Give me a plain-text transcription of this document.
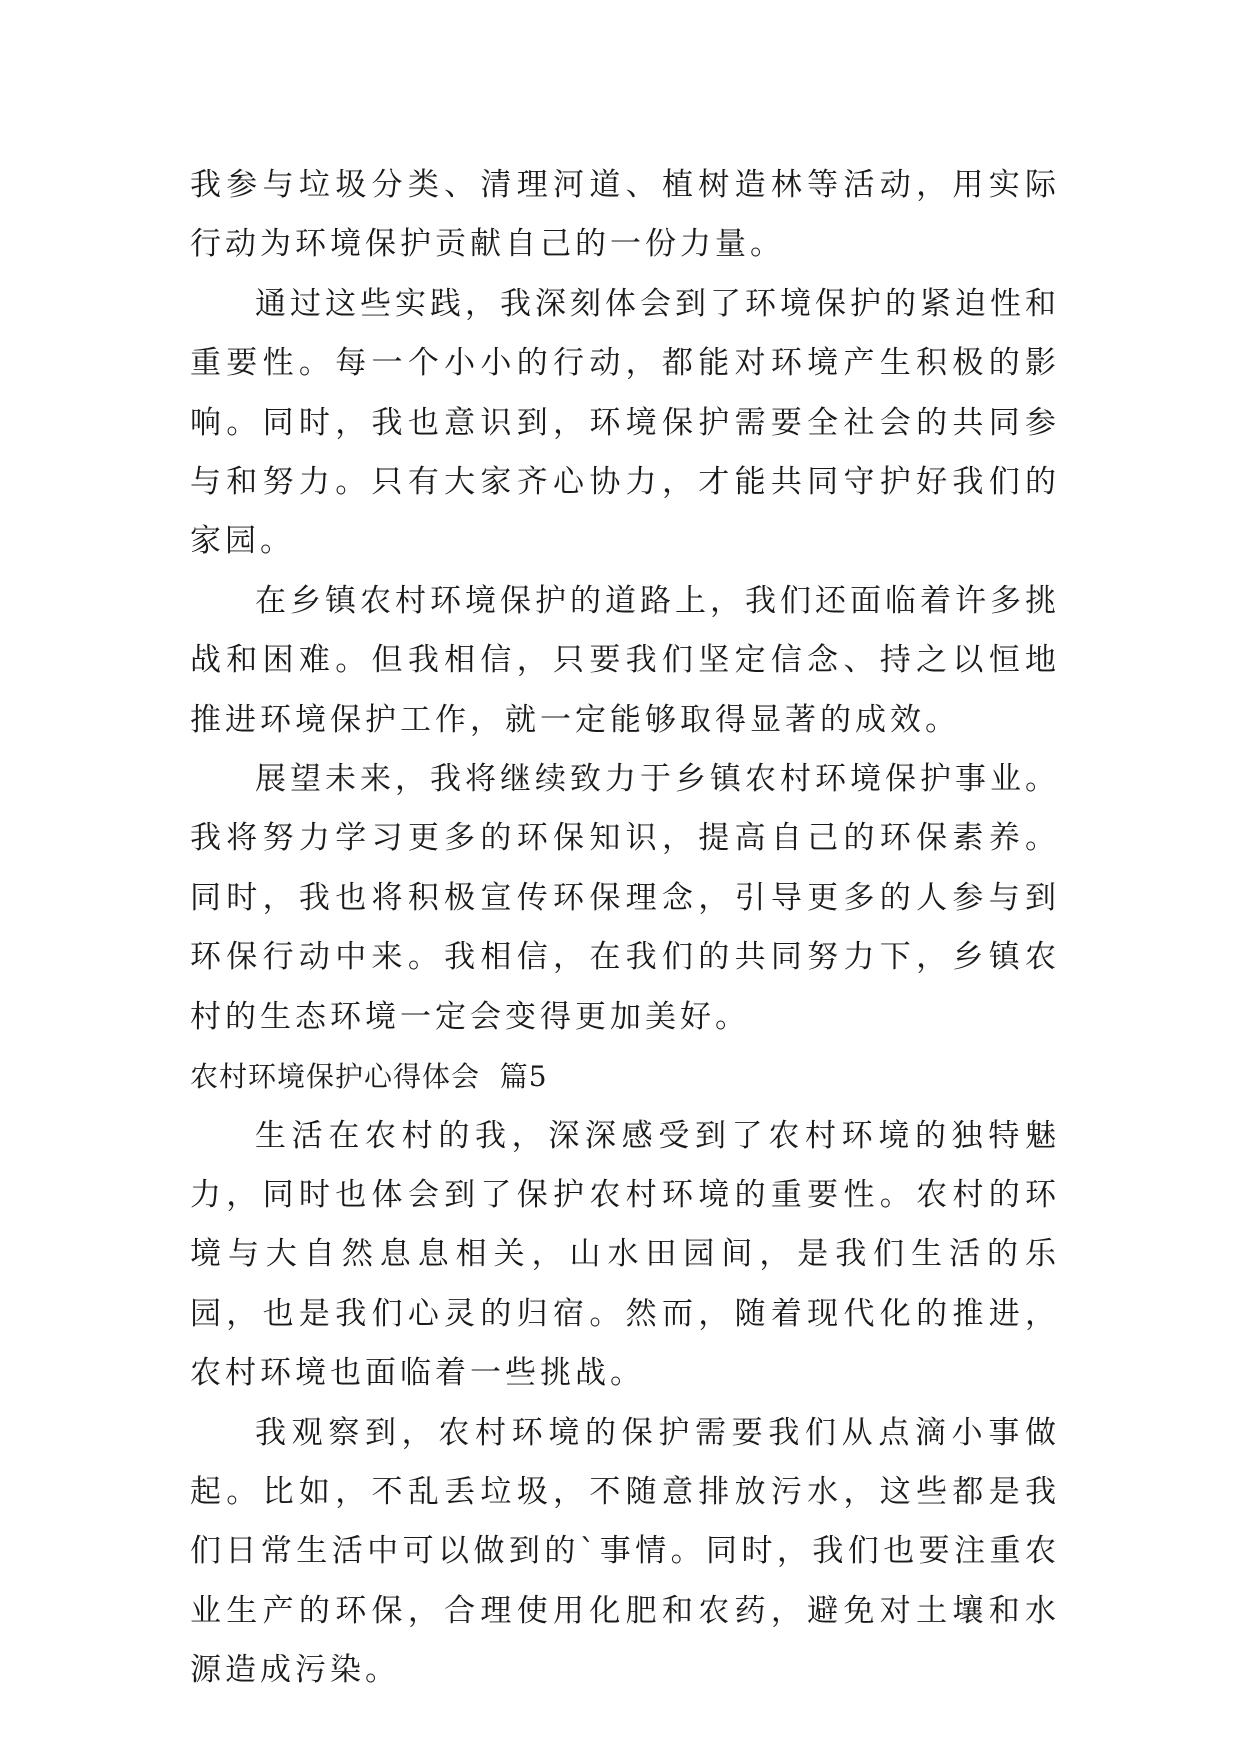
我参与垃圾分类、清理河道、植树造林等活动，用实际行动为环境保护贡献自己的一份力量。

通过这些实践，我深刻体会到了环境保护的紧迫性和重要性。每一个小小的行动，都能对环境产生积极的影响。同时，我也意识到，环境保护需要全社会的共同参与和努力。只有大家齐心协力，才能共同守护好我们的家园。

在乡镇农村环境保护的道路上，我们还面临着许多挑战和困难。但我相信，只要我们坚定信念、持之以恒地推进环境保护工作，就一定能够取得显著的成效。

展望未来，我将继续致力于乡镇农村环境保护事业。我将努力学习更多的环保知识，提高自己的环保素养。同时，我也将积极宣传环保理念，引导更多的人参与到环保行动中来。我相信，在我们的共同努力下，乡镇农村的生态环境一定会变得更加美好。

农村环境保护心得体会  篇5

生活在农村的我，深深感受到了农村环境的独特魅力，同时也体会到了保护农村环境的重要性。农村的环境与大自然息息相关，山水田园间，是我们生活的乐园，也是我们心灵的归宿。然而，随着现代化的推进，农村环境也面临着一些挑战。

我观察到，农村环境的保护需要我们从点滴小事做起。比如，不乱丢垃圾，不随意排放污水，这些都是我们日常生活中可以做到的`事情。同时，我们也要注重农业生产的环保，合理使用化肥和农药，避免对土壤和水源造成污染。
